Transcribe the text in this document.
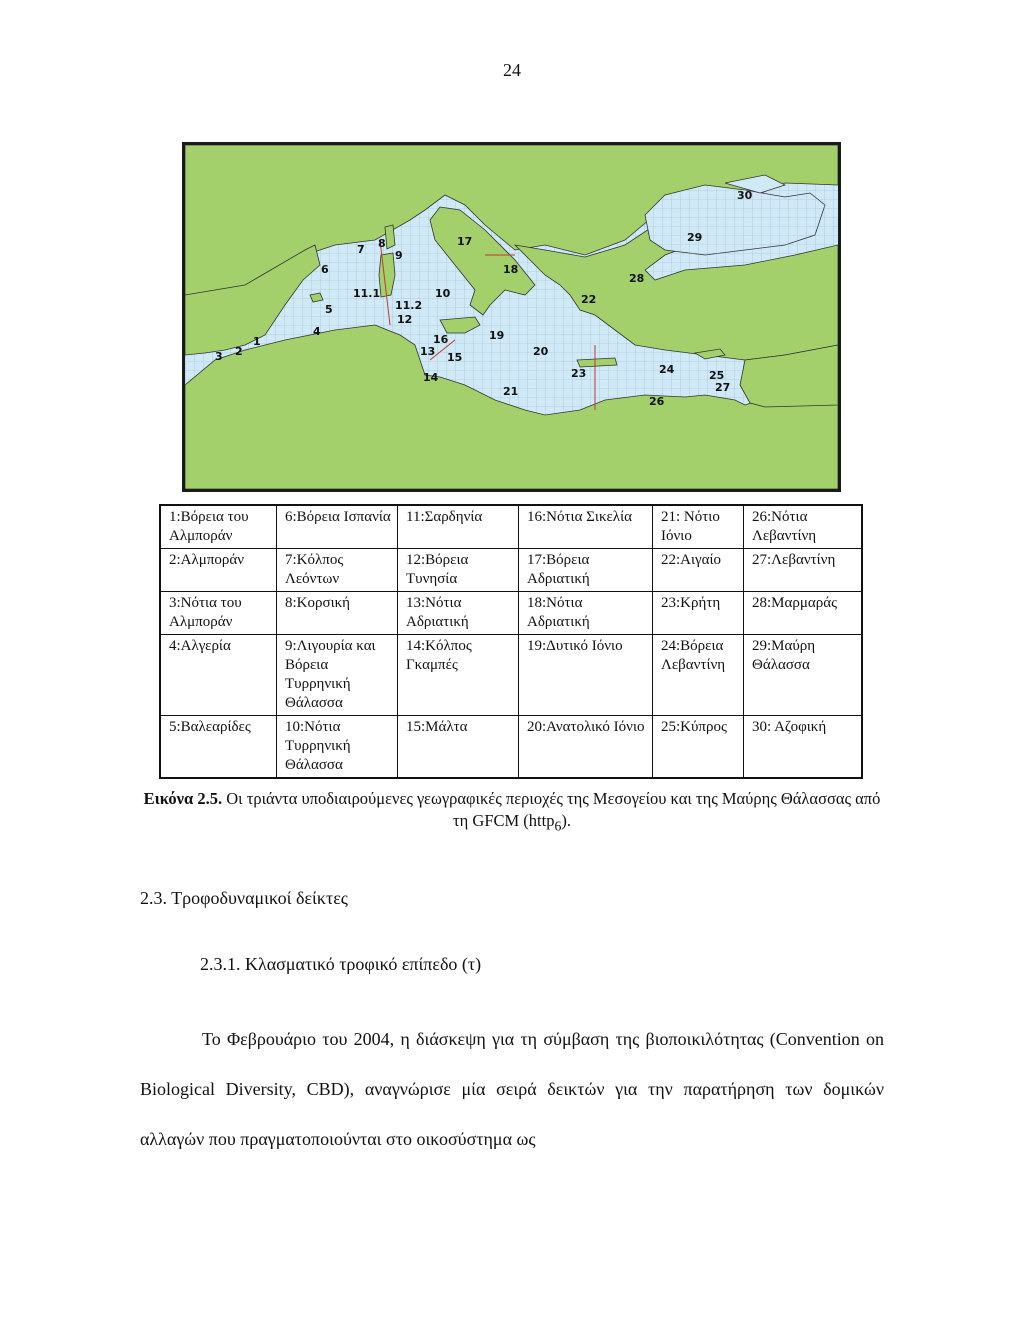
24
1
2
3
4
5
6
7 8
9
10
11.1
11.2
12
13
14
15
16
17
18
19
20
21
22
23	24	25
26
27
28
29
30
1:Βόρεια του Αλμποράν	6:Βόρεια Ισπανία	11:Σαρδηνία	16:Νότια Σικελία	21: Νότιο Ιόνιο	26:Νότια Λεβαντίνη
2:Αλμποράν	7:Κόλπος Λεόντων	12:Βόρεια Τυνησία	17:Βόρεια Αδριατική	22:Αιγαίο	27:Λεβαντίνη
3:Νότια του Αλμποράν	8:Κορσική	13:Νότια Αδριατική	18:Νότια Αδριατική	23:Κρήτη	28:Μαρμαράς
4:Αλγερία	9:Λιγουρία και Βόρεια Τυρρηνική Θάλασσα	14:Κόλπος Γκαμπές	19:Δυτικό Ιόνιο	24:Βόρεια Λεβαντίνη	29:Μαύρη Θάλασσα
5:Βαλεαρίδες	10:Νότια Τυρρηνική Θάλασσα	15:Μάλτα	20:Ανατολικό Ιόνιο	25:Κύπρος	30: Αζοφική
Εικόνα 2.5. Οι τριάντα υποδιαιρούμενες γεωγραφικές περιοχές της Μεσογείου και της Μαύρης Θάλασσας από τη GFCM (http$_6$).
2.3. Τροφοδυναμικοί δείκτες
2.3.1. Κλασματικό τροφικό επίπεδο (τ)
Το Φεβρουάριο του 2004, η διάσκεψη για τη σύμβαση της βιοποικιλότητας (Convention on Biological Diversity, CBD), αναγνώρισε μία σειρά δεικτών για την παρατήρηση των δομικών αλλαγών που πραγματοποιούνται στο οικοσύστημα ως
